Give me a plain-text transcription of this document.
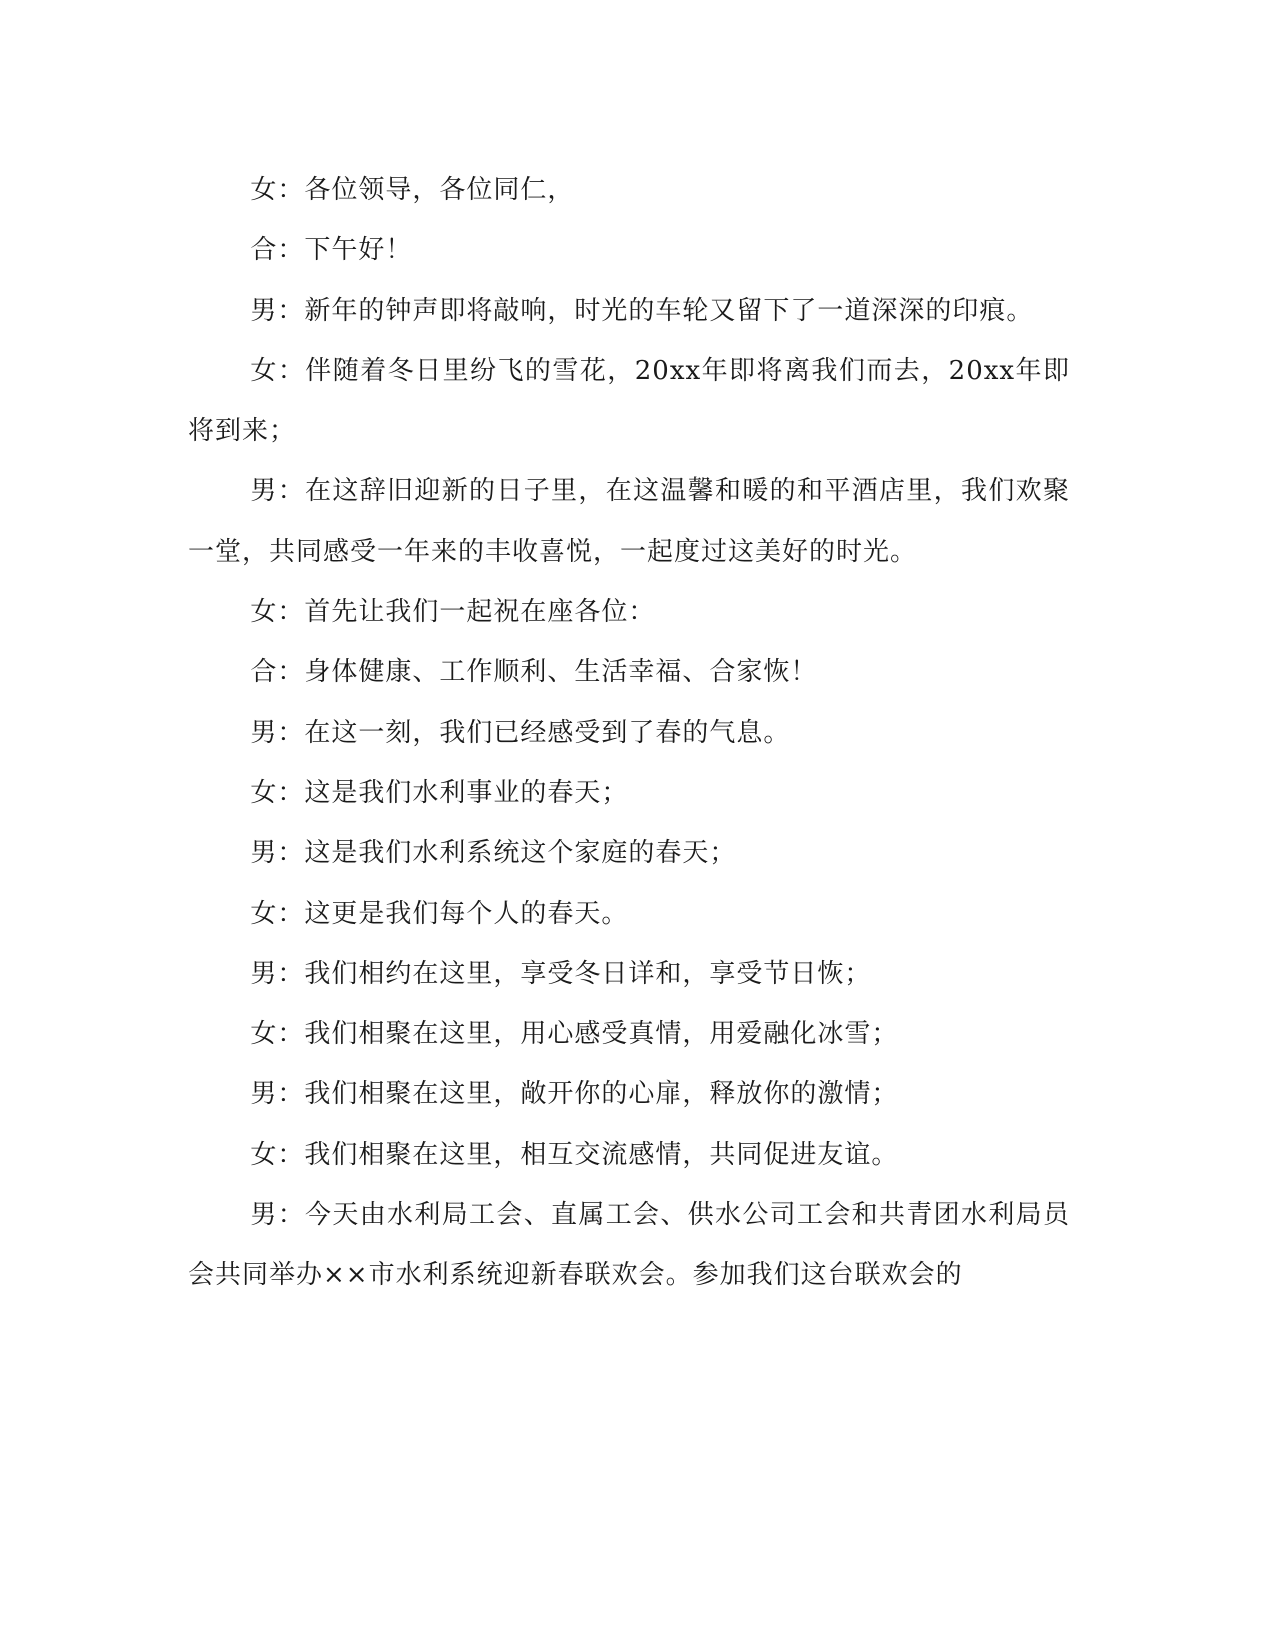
女：各位领导，各位同仁，

合：下午好！

男：新年的钟声即将敲响，时光的车轮又留下了一道深深的印痕。

女：伴随着冬日里纷飞的雪花，20xx年即将离我们而去，20xx年即将到来；

男：在这辞旧迎新的日子里，在这温馨和暖的和平酒店里，我们欢聚一堂，共同感受一年来的丰收喜悦，一起度过这美好的时光。

女：首先让我们一起祝在座各位：

合：身体健康、工作顺利、生活幸福、合家恢！

男：在这一刻，我们已经感受到了春的气息。

女：这是我们水利事业的春天；

男：这是我们水利系统这个家庭的春天；

女：这更是我们每个人的春天。

男：我们相约在这里，享受冬日详和，享受节日恢；

女：我们相聚在这里，用心感受真情，用爱融化冰雪；

男：我们相聚在这里，敞开你的心扉，释放你的激情；

女：我们相聚在这里，相互交流感情，共同促进友谊。

男：今天由水利局工会、直属工会、供水公司工会和共青团水利局员会共同举办××市水利系统迎新春联欢会。参加我们这台联欢会的
